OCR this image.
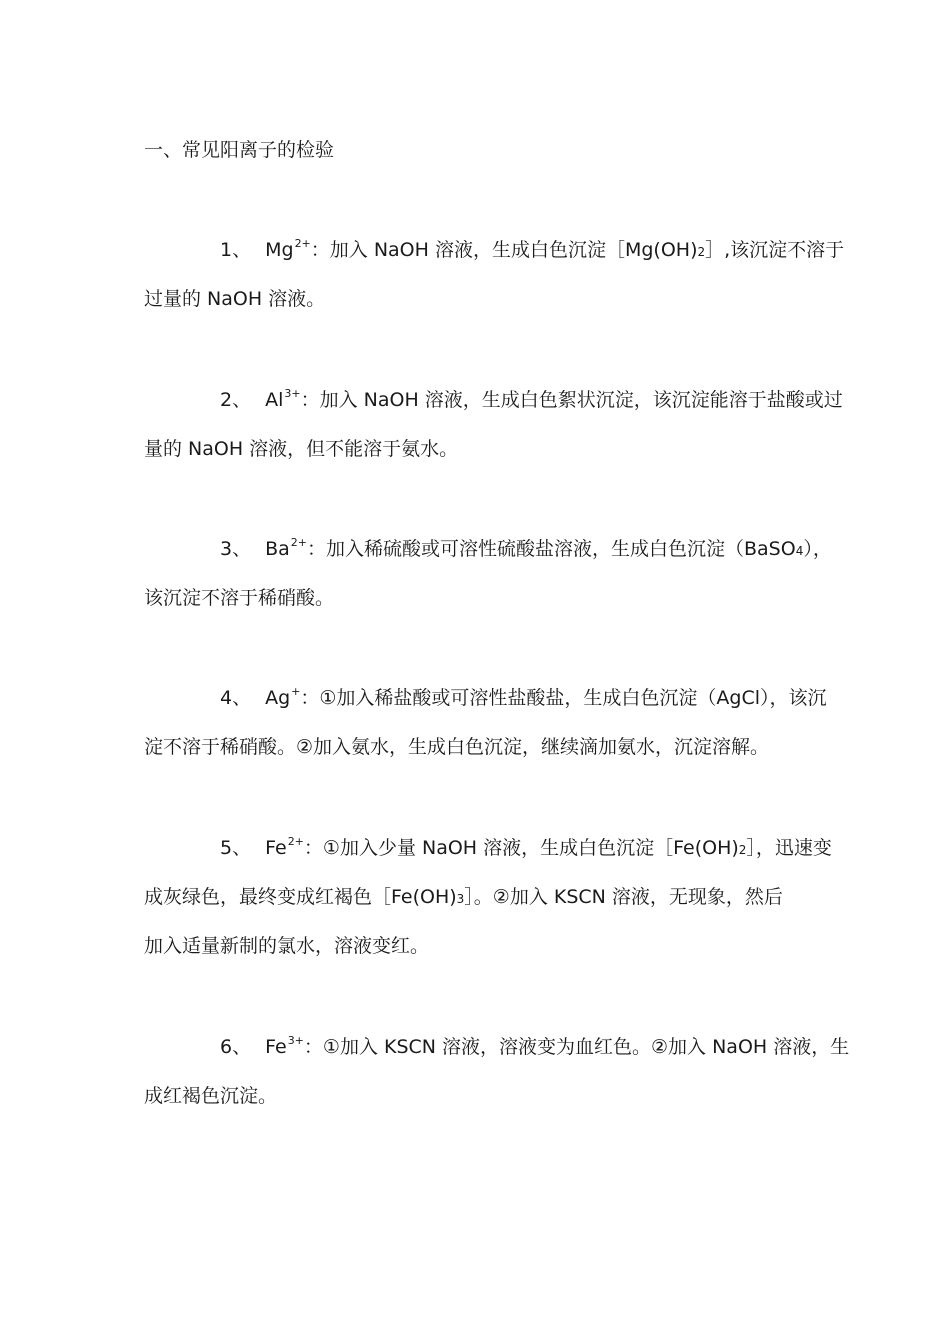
一、常见阳离子的检验

1、 $Mg^{2+}$：加入 NaOH 溶液，生成白色沉淀［Mg(OH)2］,该沉淀不溶于

过量的 NaOH 溶液。

2、 $Al^{3+}$：加入 NaOH 溶液，生成白色絮状沉淀，该沉淀能溶于盐酸或过

量的 NaOH 溶液，但不能溶于氨水。

3、 $Ba^{2+}$：加入稀硫酸或可溶性硫酸盐溶液，生成白色沉淀（BaSO4），

该沉淀不溶于稀硝酸。

4、 Ag+：①加入稀盐酸或可溶性盐酸盐，生成白色沉淀（AgCl），该沉

淀不溶于稀硝酸。②加入氨水，生成白色沉淀，继续滴加氨水，沉淀溶解。

5、 $Fe^{2+}$：①加入少量 NaOH 溶液，生成白色沉淀［Fe(OH)2］，迅速变

成灰绿色，最终变成红褐色［Fe(OH)3］。②加入 KSCN 溶液，无现象，然后

加入适量新制的氯水，溶液变红。

6、 $Fe^{3+}$：①加入 KSCN 溶液，溶液变为血红色。②加入 NaOH 溶液，生

成红褐色沉淀。
